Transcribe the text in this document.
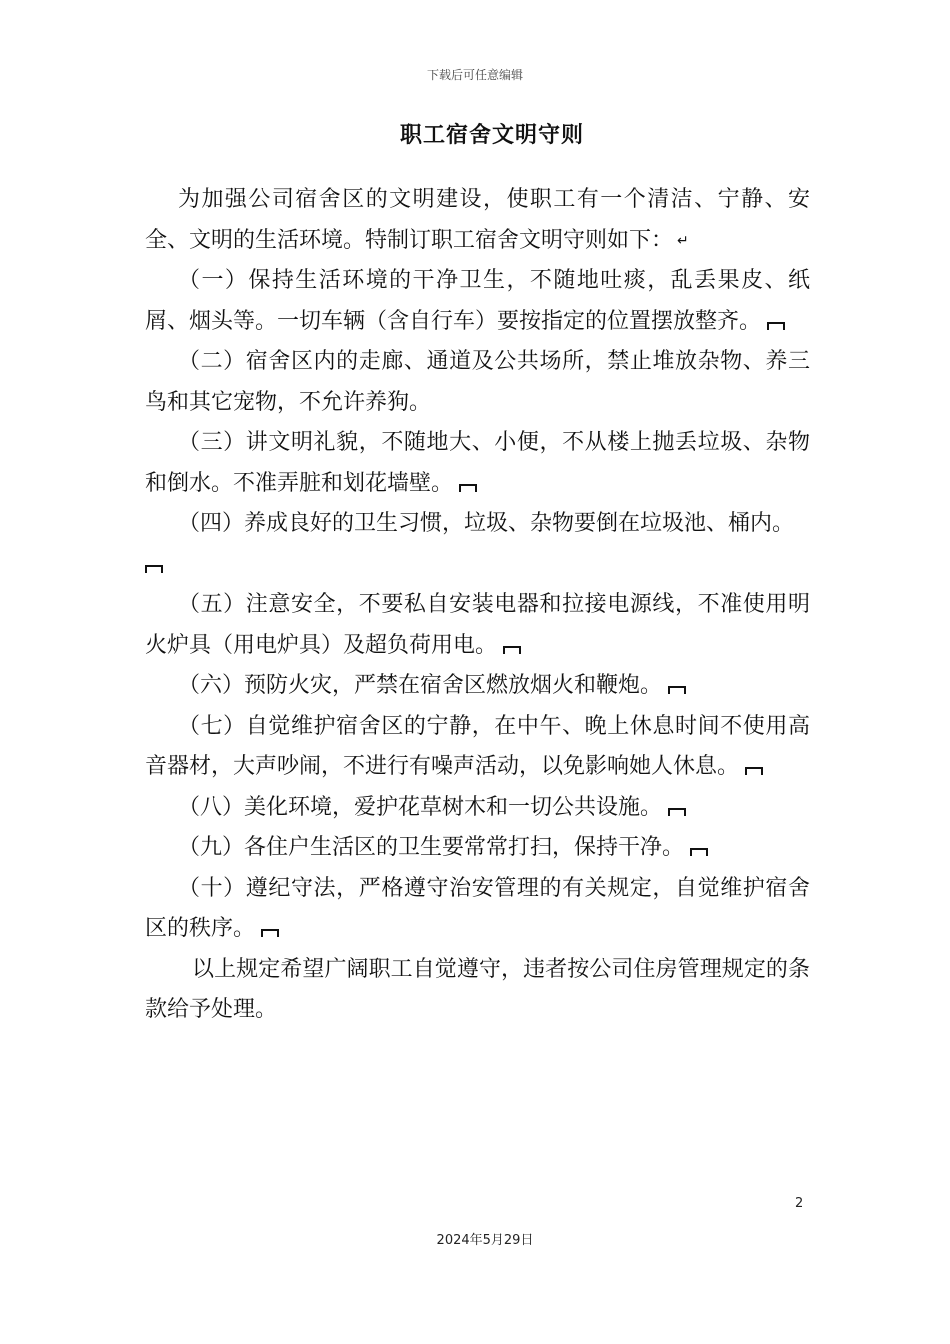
下载后可任意编辑
职工宿舍文明守则

为加强公司宿舍区的文明建设，使职工有一个清洁、宁静、安全、文明的生活环境。特制订职工宿舍文明守则如下： ↵

（一）保持生活环境的干净卫生，不随地吐痰，乱丢果皮、纸屑、烟头等。一切车辆（含自行车）要按指定的位置摆放整齐。

（二）宿舍区内的走廊、通道及公共场所，禁止堆放杂物、养三鸟和其它宠物，不允许养狗。

（三）讲文明礼貌，不随地大、小便，不从楼上抛丢垃圾、杂物和倒水。不准弄脏和划花墙壁。

（四）养成良好的卫生习惯，垃圾、杂物要倒在垃圾池、桶内。

（五）注意安全，不要私自安装电器和拉接电源线，不准使用明火炉具（用电炉具）及超负荷用电。

（六）预防火灾，严禁在宿舍区燃放烟火和鞭炮。

（七）自觉维护宿舍区的宁静，在中午、晚上休息时间不使用高音器材，大声吵闹，不进行有噪声活动，以免影响她人休息。

（八）美化环境，爱护花草树木和一切公共设施。

（九）各住户生活区的卫生要常常打扫，保持干净。

（十）遵纪守法，严格遵守治安管理的有关规定，自觉维护宿舍区的秩序。

以上规定希望广阔职工自觉遵守，违者按公司住房管理规定的条款给予处理。

2
2024年5月29日
